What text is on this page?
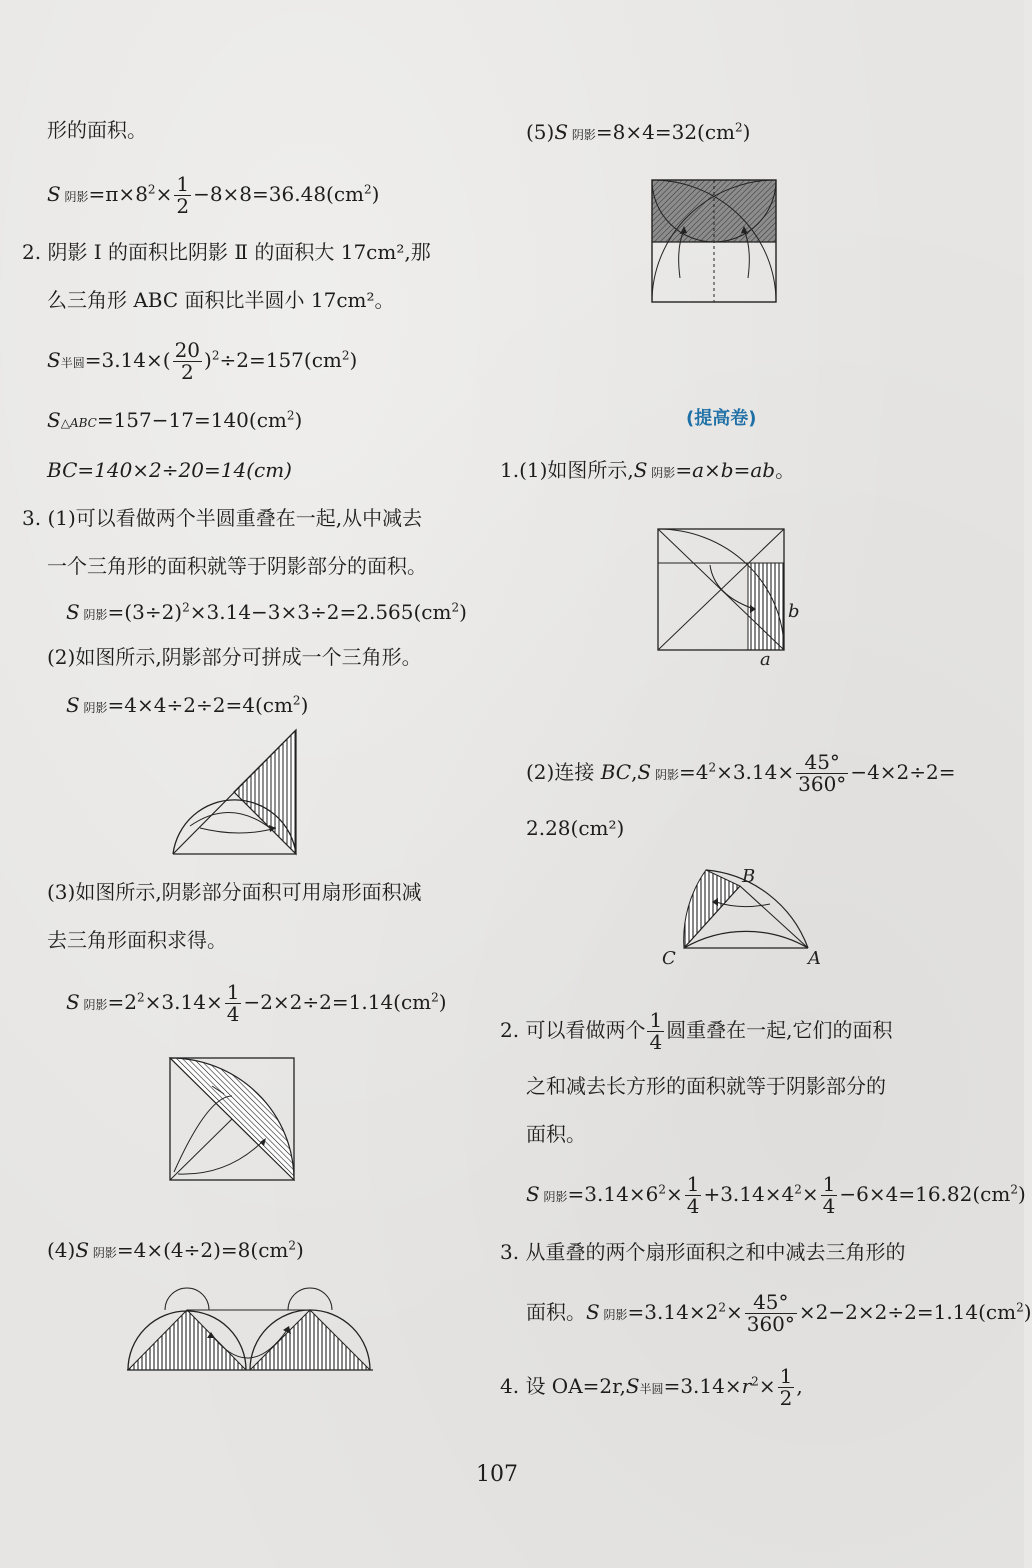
形的面积。
S 阴影$=\pi\times 8^2\times \frac{1}{2} -8\times 8=36.48(cm^2)$
2. 阴影 Ⅰ 的面积比阴影 Ⅱ 的面积大 17cm²,那
么三角形 ABC 面积比半圆小 17cm²。
S半圆$=3.14\times( \frac{20}{2} )^2\div 2=157(cm^2)$
$S\triangle ABC=157-17=140(cm^2)$
BC=140×2÷20=14(cm)
3. (1)可以看做两个半圆重叠在一起,从中减去
一个三角形的面积就等于阴影部分的面积。
S 阴影$=(3\div 2)^2\times 3.14-3\times 3\div 2=2.565(cm^2)$
(2)如图所示,阴影部分可拼成一个三角形。
S 阴影$=4\times 4\div 2\div 2=4(cm^2)$
(3)如图所示,阴影部分面积可用扇形面积减
去三角形面积求得。
S 阴影$=2^2\times 3.14\times \frac{1}{4} -2\times 2\div 2=1.14(cm^2)$
(4)S 阴影$=4\times(4\div 2)=8(cm^2)$
(5)S 阴影$=8\times 4=32(cm^2)$
(提高卷)
1.(1)如图所示,S 阴影=a×b=ab。
b
a
(2)连接 BC,S 阴影$=4^2\times 3.14\times \frac{45^\circ}{360^\circ} -4\times 2\div 2=$
2.28(cm²)
B
C	A
2. 可以看做两个 $\frac{1}{4}$ 圆重叠在一起,它们的面积
之和减去长方形的面积就等于阴影部分的
面积。
S 阴影$=3.14\times 6^2\times \frac{1}{4} +3.14\times 4^2\times \frac{1}{4} -6\times 4=16.82(cm^2)$
3. 从重叠的两个扇形面积之和中减去三角形的
面积。S 阴影$=3.14\times 2^2\times \frac{45^\circ}{360^\circ} \times 2-2\times 2\div 2=1.14(cm^2)$
4. 设 OA=2r,S半圆$=3.14\times r^2\times \frac{1}{2}$ ,
107
